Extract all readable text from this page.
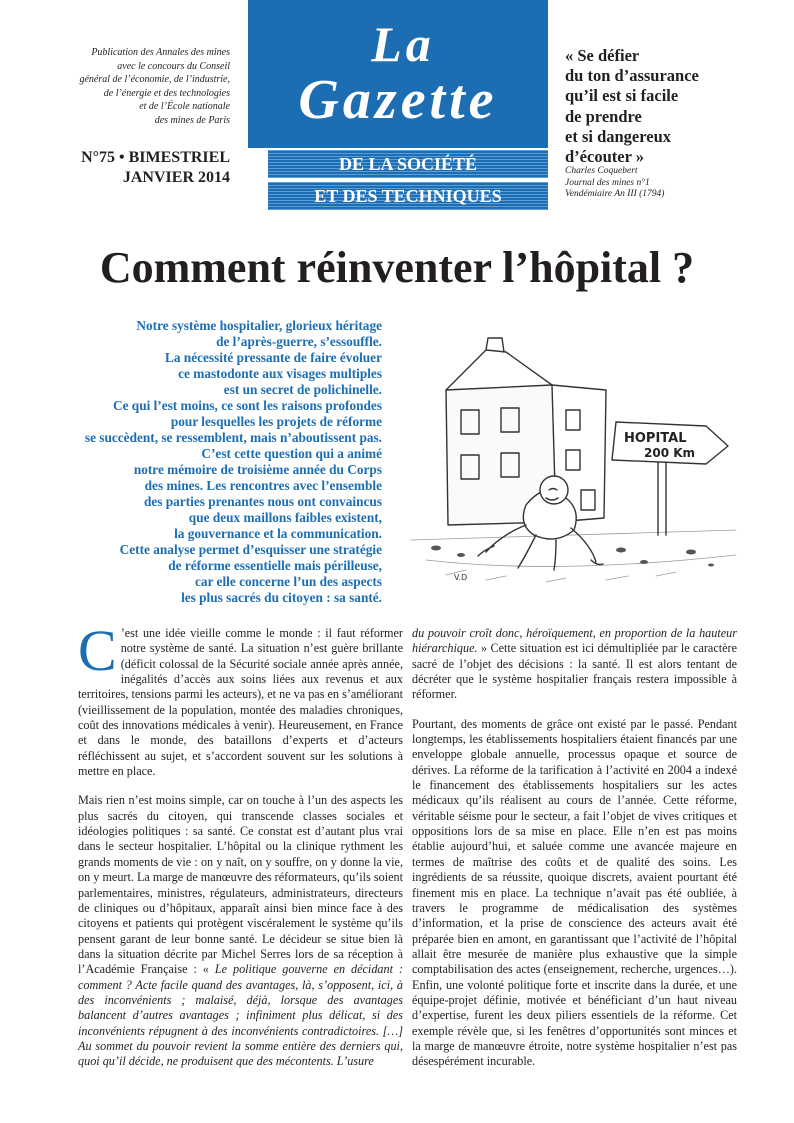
Publication des Annales des mines
avec le concours du Conseil
général de l’économie, de l’industrie,
de l’énergie et des technologies
et de l’École nationale
des mines de Paris
N°75 • BIMESTRIEL
JANVIER 2014
La
Gazette
DE LA SOCIÉTÉ
ET DES TECHNIQUES
« Se défier
du ton d’assurance
qu’il est si facile
de prendre
et si dangereux
d’écouter »
Charles Coquebert
Journal des mines n°1
Vendémiaire An III (1794)
Comment réinventer l’hôpital ?
Notre système hospitalier, glorieux héritage
de l’après-guerre, s’essouffle.
La nécessité pressante de faire évoluer
ce mastodonte aux visages multiples
est un secret de polichinelle.
Ce qui l’est moins, ce sont les raisons profondes
pour lesquelles les projets de réforme
se succèdent, se ressemblent, mais n’aboutissent pas.
C’est cette question qui a animé
notre mémoire de troisième année du Corps
des mines. Les rencontres avec l’ensemble
des parties prenantes nous ont convaincus
que deux maillons faibles existent,
la gouvernance et la communication.
Cette analyse permet d’esquisser une stratégie
de réforme essentielle mais périlleuse,
car elle concerne l’un des aspects
les plus sacrés du citoyen : sa santé.
HOPITAL
200 Km
V.D

C ’est une idée vieille comme le monde : il faut réformer notre système de santé. La situation n’est guère brillante (déficit colossal de la Sécurité sociale année après année, inégalités d’accès aux soins liées aux revenus et aux territoires, tensions parmi les acteurs), et ne va pas en s’améliorant (vieillissement de la population, montée des maladies chroniques, coût des innovations médicales à venir). Heureusement, en France et dans le monde, des bataillons d’experts et d’acteurs réfléchissent au sujet, et s’accordent souvent sur les solutions à mettre en place.

Mais rien n’est moins simple, car on touche à l’un des aspects les plus sacrés du citoyen, qui transcende classes sociales et idéologies politiques : sa santé. Ce constat est d’autant plus vrai dans le secteur hospitalier. L’hôpital ou la clinique rythment les grands moments de vie : on y naît, on y souffre, on y donne la vie, on y meurt. La marge de manœuvre des réformateurs, qu’ils soient parlementaires, ministres, régulateurs, administrateurs, directeurs de cliniques ou d’hôpitaux, apparaît ainsi bien mince face à des citoyens et patients qui protègent viscéralement le système qu’ils pensent garant de leur bonne santé. Le décideur se situe bien là dans la situation décrite par Michel Serres lors de sa réception à l’Académie Française : « Le politique gouverne en décidant : comment ? Acte facile quand des avantages, là, s’opposent, ici, à des inconvénients ; malaisé, déjà, lorsque des avantages balancent d’autres avantages ; infiniment plus délicat, si des inconvénients répugnent à des inconvénients contradictoires. […] Au sommet du pouvoir revient la somme entière des derniers qui, quoi qu’il décide, ne produisent que des mécontents. L’usure

du pouvoir croît donc, héroïquement, en proportion de la hauteur hiérarchique. » Cette situation est ici démultipliée par le caractère sacré de l’objet des décisions : la santé. Il est alors tentant de décréter que le système hospitalier français restera impossible à réformer.

Pourtant, des moments de grâce ont existé par le passé. Pendant longtemps, les établissements hospitaliers étaient financés par une enveloppe globale annuelle, processus opaque et source de dérives. La réforme de la tarification à l’activité en 2004 a indexé le financement des établissements hospitaliers sur les actes médicaux qu’ils réalisent au cours de l’année. Cette réforme, véritable séisme pour le secteur, a fait l’objet de vives critiques et oppositions lors de sa mise en place. Elle n’en est pas moins établie aujourd’hui, et saluée comme une avancée majeure en termes de maîtrise des coûts et de qualité des soins. Les ingrédients de sa réussite, quoique discrets, avaient pourtant été finement mis en place. La technique n’avait pas été oubliée, à travers le programme de médicalisation des systèmes d’information, et la prise de conscience des acteurs avait été préparée bien en amont, en garantissant que l’activité de l’hôpital allait être mesurée de manière plus exhaustive que la simple comptabilisation des actes (enseignement, recherche, urgences…). Enfin, une volonté politique forte et inscrite dans la durée, et une équipe-projet définie, motivée et bénéficiant d’un haut niveau d’expertise, furent les deux piliers essentiels de la réforme. Cet exemple révèle que, si les fenêtres d’opportunités sont minces et la marge de manœuvre étroite, notre système hospitalier n’est pas désespérément incurable.
